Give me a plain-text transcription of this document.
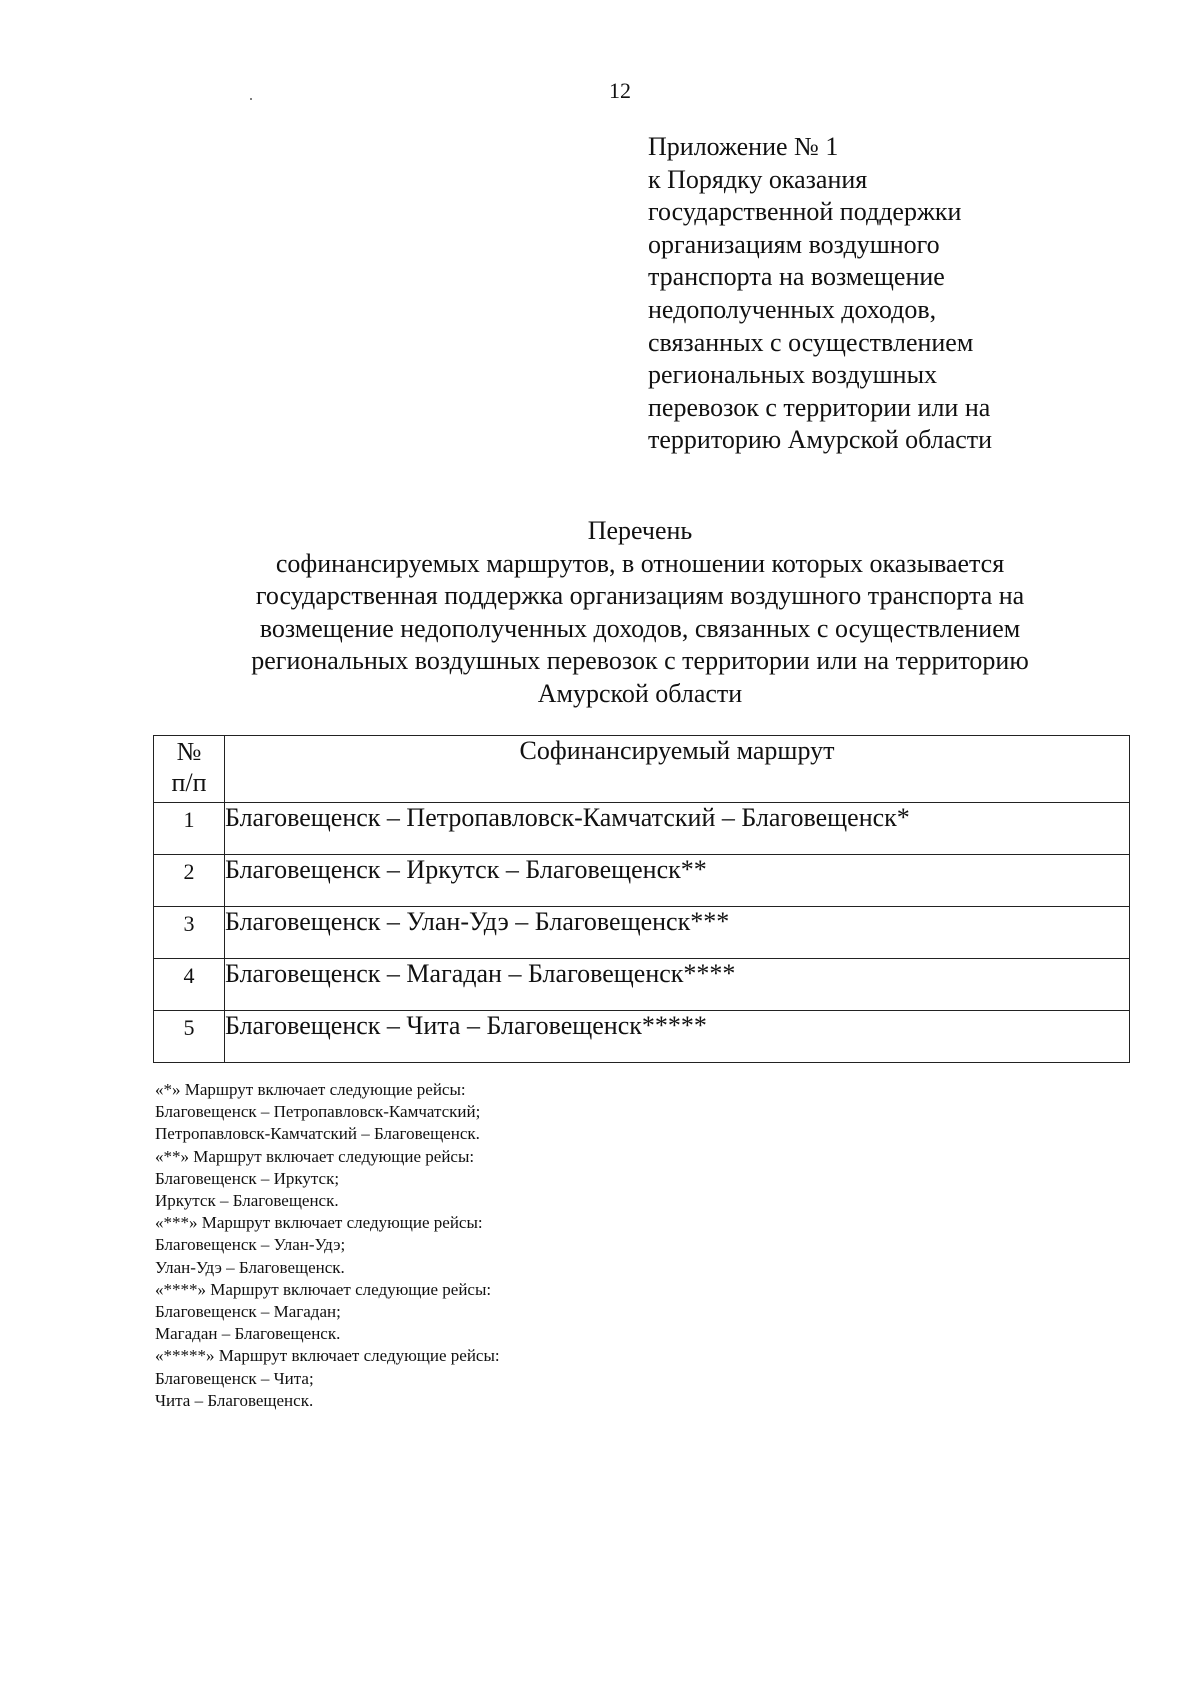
12
Приложение № 1
к Порядку оказания
государственной поддержки
организациям воздушного
транспорта на возмещение
недополученных доходов,
связанных с осуществлением
региональных воздушных
перевозок с территории или на
территорию Амурской области
Перечень
софинансируемых маршрутов, в отношении которых оказывается
государственная поддержка организациям воздушного транспорта на
возмещение недополученных доходов, связанных с осуществлением
региональных воздушных перевозок с территории или на территорию
Амурской области
№
п/п	Софинансируемый маршрут
1	Благовещенск – Петропавловск-Камчатский – Благовещенск*
2	Благовещенск – Иркутск – Благовещенск**
3	Благовещенск – Улан-Удэ – Благовещенск***
4	Благовещенск – Магадан – Благовещенск****
5	Благовещенск – Чита – Благовещенск*****
«*» Маршрут включает следующие рейсы:
Благовещенск – Петропавловск-Камчатский;
Петропавловск-Камчатский – Благовещенск.
«**» Маршрут включает следующие рейсы:
Благовещенск – Иркутск;
Иркутск – Благовещенск.
«***» Маршрут включает следующие рейсы:
Благовещенск – Улан-Удэ;
Улан-Удэ – Благовещенск.
«****» Маршрут включает следующие рейсы:
Благовещенск – Магадан;
Магадан – Благовещенск.
«*****» Маршрут включает следующие рейсы:
Благовещенск – Чита;
Чита – Благовещенск.
